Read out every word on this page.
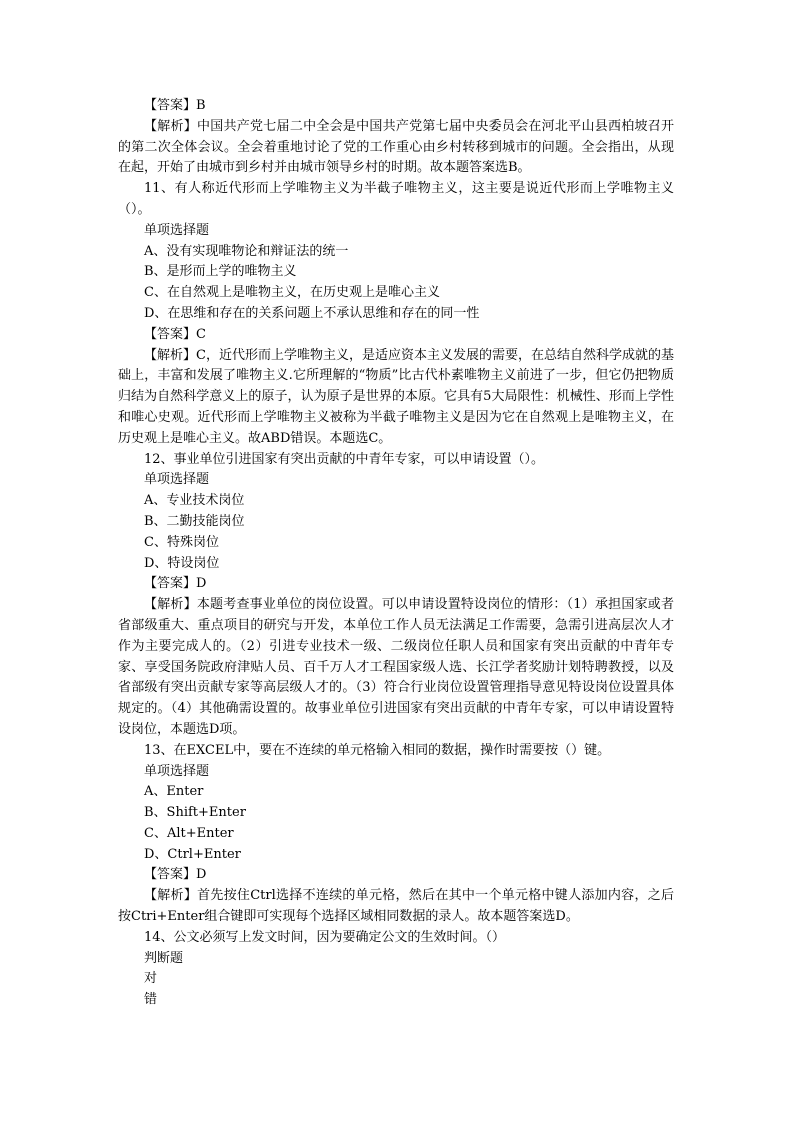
【答案】B
【解析】中国共产党七届二中全会是中国共产党第七届中央委员会在河北平山县西柏坡召开的第二次全体会议。全会着重地讨论了党的工作重心由乡村转移到城市的问题。全会指出，从现在起，开始了由城市到乡村并由城市领导乡村的时期。故本题答案选B。
11、有人称近代形而上学唯物主义为半截子唯物主义，这主要是说近代形而上学唯物主义（）。
单项选择题
A、没有实现唯物论和辩证法的统一
B、是形而上学的唯物主义
C、在自然观上是唯物主义，在历史观上是唯心主义
D、在思维和存在的关系问题上不承认思维和存在的同一性
【答案】C
【解析】C，近代形而上学唯物主义，是适应资本主义发展的需要，在总结自然科学成就的基础上，丰富和发展了唯物主义.它所理解的“物质”比古代朴素唯物主义前进了一步，但它仍把物质归结为自然科学意义上的原子，认为原子是世界的本原。它具有5大局限性：机械性、形而上学性和唯心史观。近代形而上学唯物主义被称为半截子唯物主义是因为它在自然观上是唯物主义，在历史观上是唯心主义。故ABD错误。本题选C。
12、事业单位引进国家有突出贡献的中青年专家，可以申请设置（）。
单项选择题
A、专业技术岗位
B、二勤技能岗位
C、特殊岗位
D、特设岗位
【答案】D
【解析】本题考查事业单位的岗位设置。可以申请设置特设岗位的情形：（1）承担国家或者省部级重大、重点项目的研究与开发，本单位工作人员无法满足工作需要，急需引进高层次人才作为主要完成人的。（2）引进专业技术一级、二级岗位任职人员和国家有突出贡献的中青年专家、享受国务院政府津贴人员、百千万人才工程国家级人选、长江学者奖励计划特聘教授，以及省部级有突出贡献专家等高层级人才的。（3）符合行业岗位设置管理指导意见特设岗位设置具体规定的。（4）其他确需设置的。故事业单位引进国家有突出贡献的中青年专家，可以申请设置特设岗位，本题选D项。
13、在EXCEL中，要在不连续的单元格输入相同的数据，操作时需要按（）键。
单项选择题
A、Enter
B、Shift+Enter
C、Alt+Enter
D、Ctrl+Enter
【答案】D
【解析】首先按住Ctrl选择不连续的单元格，然后在其中一个单元格中键人添加内容，之后按Ctri+Enter组合键即可实现每个选择区域相同数据的录人。故本题答案选D。
14、公文必须写上发文时间，因为要确定公文的生效时间。（）
判断题
对
错
